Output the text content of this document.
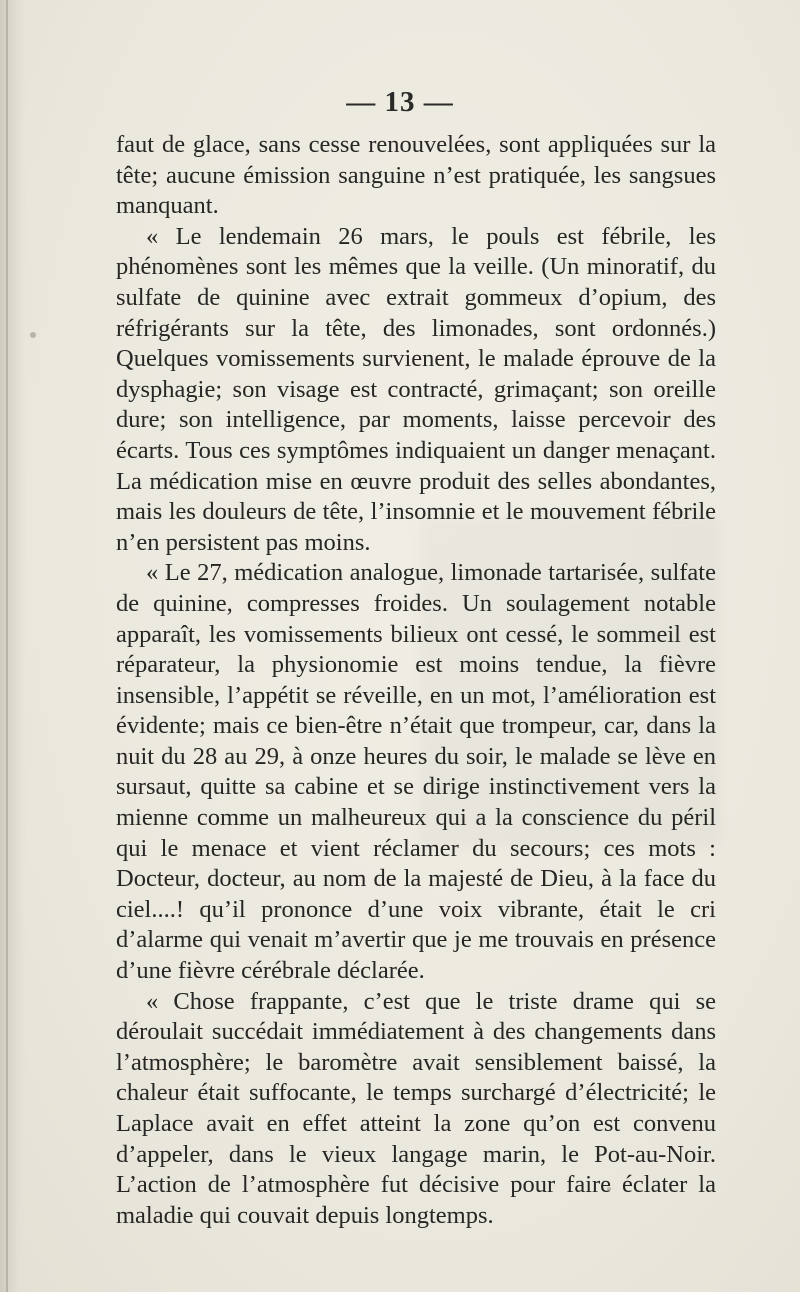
— 13 —

faut de glace, sans cesse renouvelées, sont appliquées sur la tête; aucune émission sanguine n’est pratiquée, les sangsues manquant.

« Le lendemain 26 mars, le pouls est fébrile, les phénomènes sont les mêmes que la veille. (Un minoratif, du sulfate de quinine avec extrait gommeux d’opium, des réfrigérants sur la tête, des limonades, sont ordonnés.) Quelques vomissements survienent, le malade éprouve de la dysphagie; son visage est contracté, grimaçant; son oreille dure; son intelligence, par moments, laisse percevoir des écarts. Tous ces symptômes indiquaient un danger menaçant. La médication mise en œuvre produit des selles abondantes, mais les douleurs de tête, l’insomnie et le mouvement fébrile n’en persistent pas moins.

« Le 27, médication analogue, limonade tartarisée, sulfate de quinine, compresses froides. Un soulagement notable apparaît, les vomissements bilieux ont cessé, le sommeil est réparateur, la physionomie est moins tendue, la fièvre insensible, l’appétit se réveille, en un mot, l’amélioration est évidente; mais ce bien-être n’était que trompeur, car, dans la nuit du 28 au 29, à onze heures du soir, le malade se lève en sursaut, quitte sa cabine et se dirige instinctivement vers la mienne comme un malheureux qui a la conscience du péril qui le menace et vient réclamer du secours; ces mots : Docteur, docteur, au nom de la majesté de Dieu, à la face du ciel....! qu’il prononce d’une voix vibrante, était le cri d’alarme qui venait m’avertir que je me trouvais en présence d’une fièvre cérébrale déclarée.

« Chose frappante, c’est que le triste drame qui se déroulait succédait immédiatement à des changements dans l’atmosphère; le baromètre avait sensiblement baissé, la chaleur était suffocante, le temps surchargé d’électricité; le Laplace avait en effet atteint la zone qu’on est convenu d’appeler, dans le vieux langage marin, le Pot-au-Noir. L’action de l’atmosphère fut décisive pour faire éclater la maladie qui couvait depuis longtemps.
